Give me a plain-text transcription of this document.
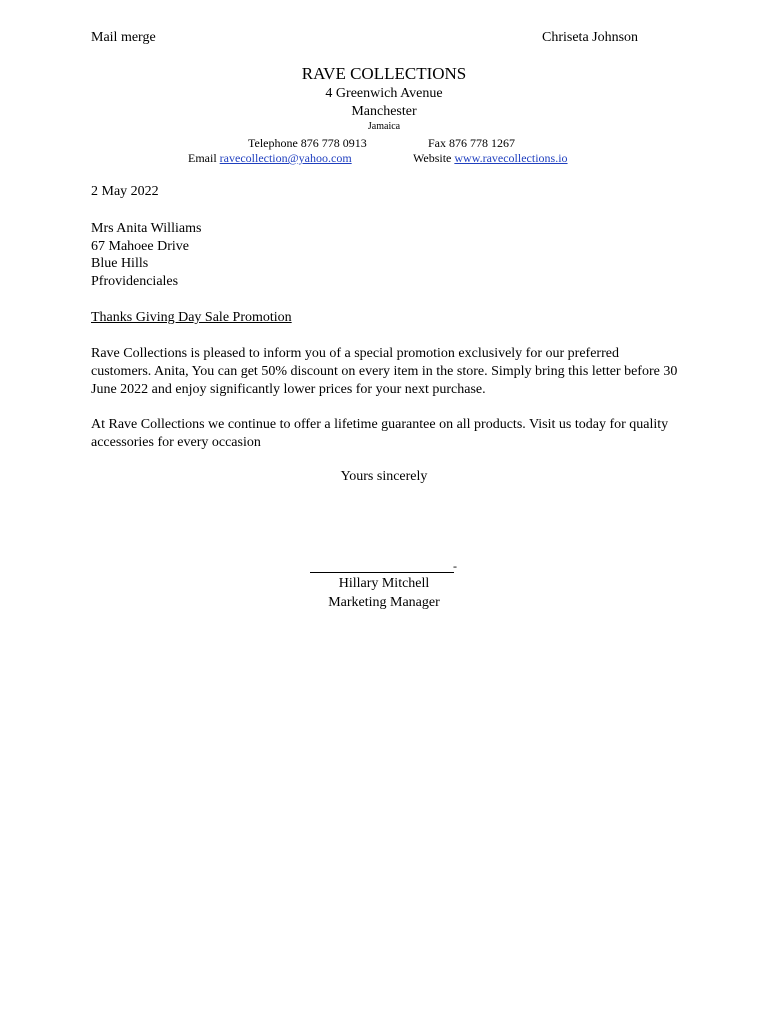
Mail merge	Chriseta Johnson
RAVE COLLECTIONS
4 Greenwich Avenue
Manchester
Jamaica
Telephone 876 778 0913	Fax 876 778 1267
Email ravecollection@yahoo.com	Website www.ravecollections.io
2 May 2022
Mrs Anita Williams
67 Mahoee Drive
Blue Hills
Pfrovidenciales
Thanks Giving Day Sale Promotion
Rave Collections is pleased to inform you of a special promotion exclusively for our preferred customers. Anita, You can get 50% discount on every item in the store. Simply bring this letter before 30 June 2022 and enjoy significantly lower prices for your next purchase.
At Rave Collections we continue to offer a lifetime guarantee on all products. Visit us today for quality accessories for every occasion
Yours sincerely
-
Hillary Mitchell
Marketing Manager
